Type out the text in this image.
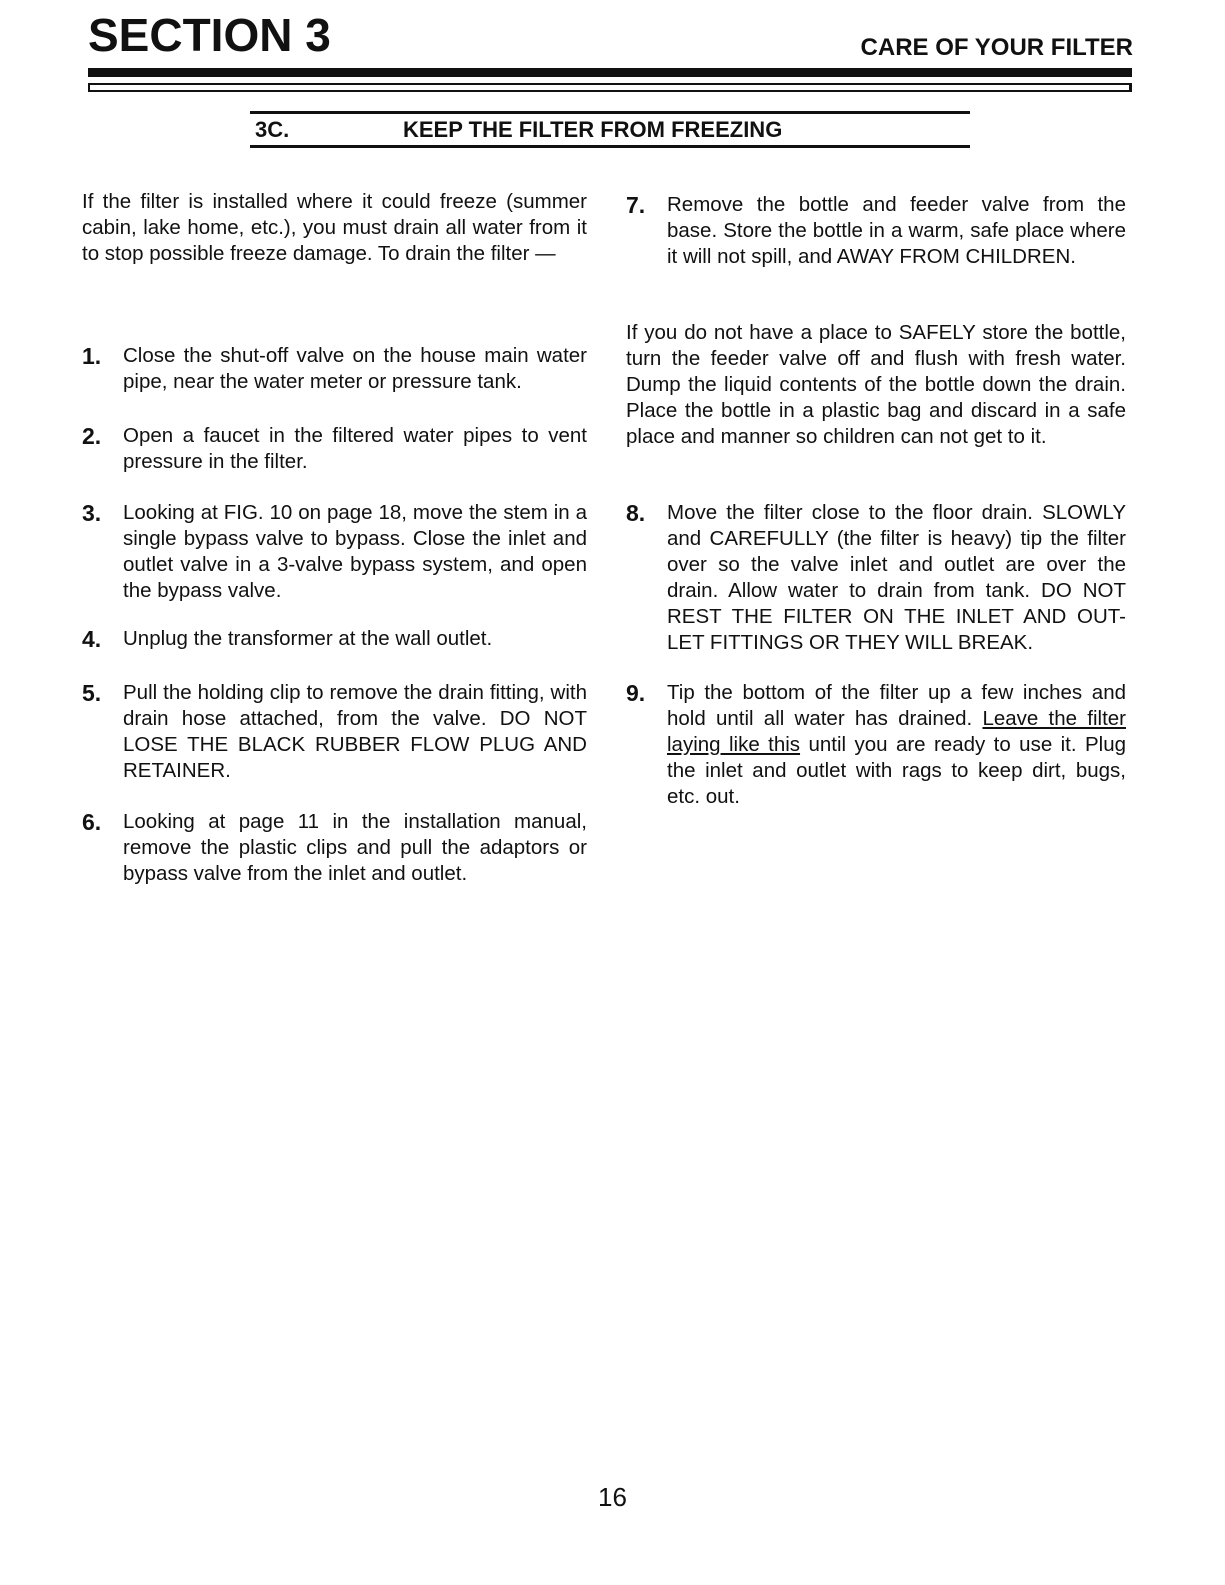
SECTION 3	CARE OF YOUR FILTER
3C.	KEEP THE FILTER FROM FREEZING

If the filter is installed where it could freeze (summer cabin, lake home, etc.), you must drain all water from it to stop possible freeze damage. To drain the filter —

1. Close the shut-off valve on the house main water pipe, near the water meter or pressure tank.

2. Open a faucet in the filtered water pipes to vent pressure in the filter.

3. Looking at FIG. 10 on page 18, move the stem in a single bypass valve to bypass. Close the inlet and outlet valve in a 3-valve bypass system, and open the bypass valve.

4. Unplug the transformer at the wall outlet.

5. Pull the holding clip to remove the drain fitting, with drain hose attached, from the valve. DO NOT LOSE THE BLACK RUBBER FLOW PLUG AND RETAINER.

6. Looking at page 11 in the installation manual, remove the plastic clips and pull the adaptors or bypass valve from the inlet and outlet.

7. Remove the bottle and feeder valve from the base. Store the bottle in a warm, safe place where it will not spill, and AWAY FROM CHILDREN.

If you do not have a place to SAFELY store the bottle, turn the feeder valve off and flush with fresh water. Dump the liquid contents of the bottle down the drain. Place the bottle in a plastic bag and discard in a safe place and manner so children can not get to it.

8. Move the filter close to the floor drain. SLOWLY and CAREFULLY (the filter is heavy) tip the filter over so the valve inlet and outlet are over the drain. Allow water to drain from tank. DO NOT REST THE FILTER ON THE INLET AND OUT-LET FITTINGS OR THEY WILL BREAK.

9. Tip the bottom of the filter up a few inches and hold until all water has drained. Leave the filter laying like this until you are ready to use it. Plug the inlet and outlet with rags to keep dirt, bugs, etc. out.

16
